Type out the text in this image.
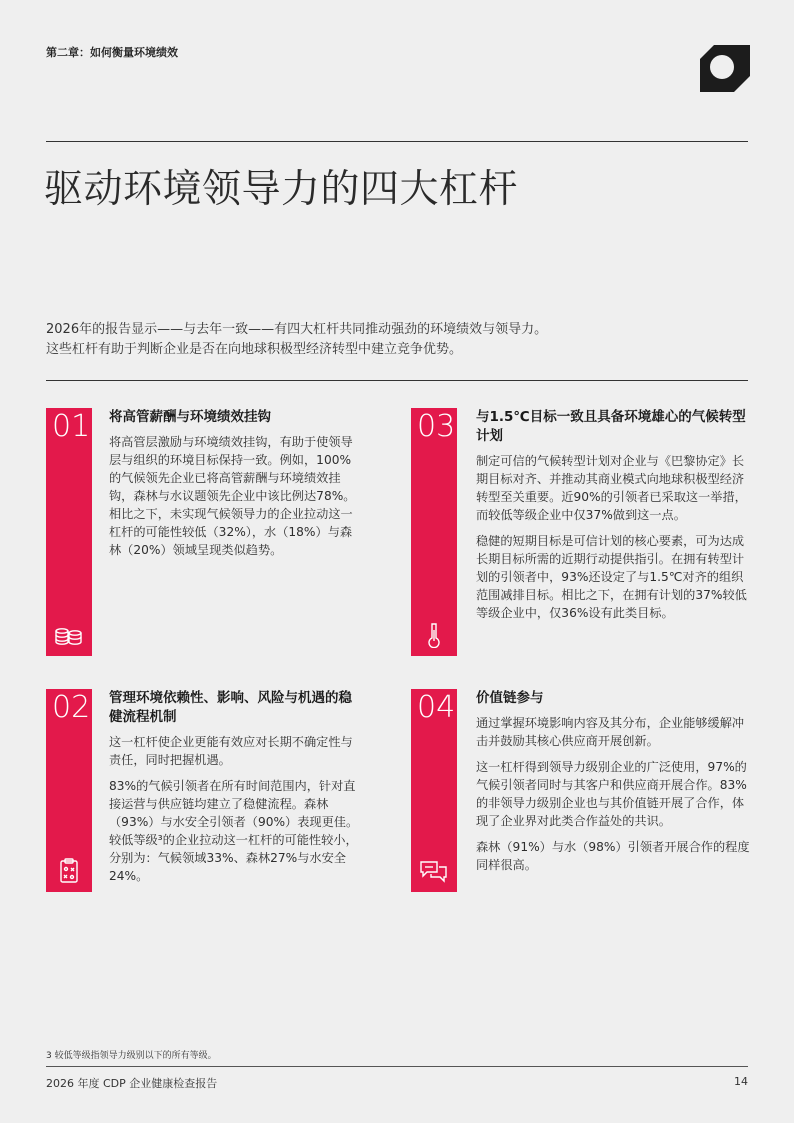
第二章：如何衡量环境绩效
驱动环境领导力的四大杠杆

2026年的报告显示——与去年一致——有四大杠杆共同推动强劲的环境绩效与领导力。

这些杠杆有助于判断企业是否在向地球积极型经济转型中建立竞争优势。

01 将高管薪酬与环境绩效挂钩

将高管层激励与环境绩效挂钩，有助于使领导层与组织的环境目标保持一致。例如，100%的气候领先企业已将高管薪酬与环境绩效挂钩，森林与水议题领先企业中该比例达78%。相比之下，未实现气候领导力的企业拉动这一杠杆的可能性较低（32%），水（18%）与森林（20%）领域呈现类似趋势。

03 与1.5℃目标一致且具备环境雄心的气候转型计划

制定可信的气候转型计划对企业与《巴黎协定》长期目标对齐、并推动其商业模式向地球积极型经济转型至关重要。近90%的引领者已采取这一举措，而较低等级企业中仅37%做到这一点。

稳健的短期目标是可信计划的核心要素，可为达成长期目标所需的近期行动提供指引。在拥有转型计划的引领者中，93%还设定了与1.5℃对齐的组织范围减排目标。相比之下，在拥有计划的37%较低等级企业中，仅36%设有此类目标。

02 管理环境依赖性、影响、风险与机遇的稳健流程机制

这一杠杆使企业更能有效应对长期不确定性与责任，同时把握机遇。

83%的气候引领者在所有时间范围内，针对直接运营与供应链均建立了稳健流程。森林（93%）与水安全引领者（90%）表现更佳。较低等级³的企业拉动这一杠杆的可能性较小，分别为：气候领域33%、森林27%与水安全24%。

04 价值链参与

通过掌握环境影响内容及其分布，企业能够缓解冲击并鼓励其核心供应商开展创新。

这一杠杆得到领导力级别企业的广泛使用，97%的气候引领者同时与其客户和供应商开展合作。83%的非领导力级别企业也与其价值链开展了合作，体现了企业界对此类合作益处的共识。

森林（91%）与水（98%）引领者开展合作的程度同样很高。

3 较低等级指领导力级别以下的所有等级。
2026 年度 CDP 企业健康检查报告	14
